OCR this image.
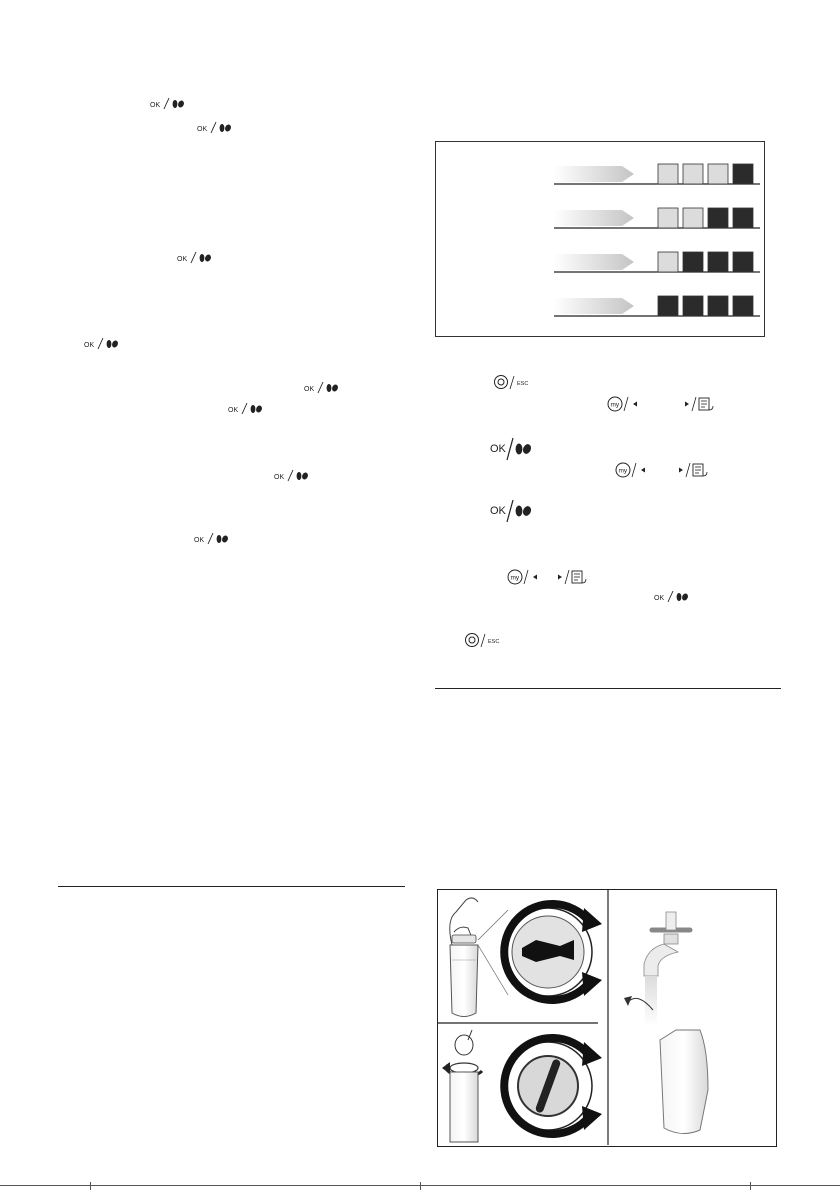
OK
OK
OK
OK
OK
OK
OK
OK
ESC
my
OK
my
OK
my
OK
ESC
